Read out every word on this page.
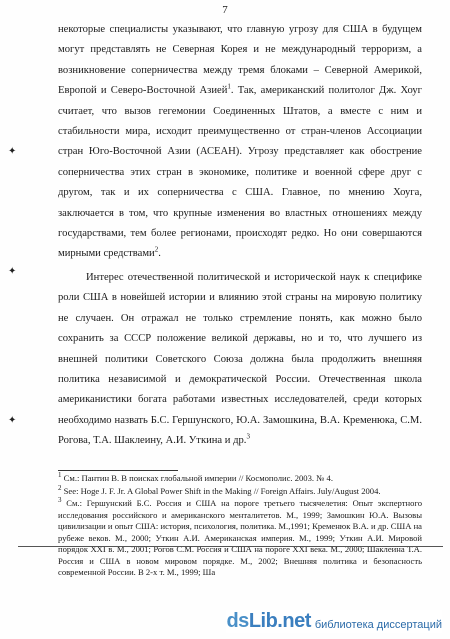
7
✦
✦
✦

некоторые специалисты указывают, что главную угрозу для США в будущем могут представлять не Северная Корея и не международный терроризм, а возникновение соперничества между тремя блоками – Северной Америкой, Европой и Северо-Восточной Азией$^1$. Так, американский политолог Дж. Хоуг считает, что вызов гегемонии Соединенных Штатов, а вместе с ним и стабильности мира, исходит преимущественно от стран-членов Ассоциации стран Юго-Восточной Азии (АСЕАН). Угрозу представляет как обострение соперничества этих стран в экономике, политике и военной сфере друг с другом, так и их соперничества с США. Главное, по мнению Хоуга, заключается в том, что крупные изменения во властных отношениях между государствами, тем более регионами, происходят редко. Но они совершаются мирными средствами$^2$.

Интерес отечественной политической и исторической наук к специфике роли США в новейшей истории и влиянию этой страны на мировую политику не случаен. Он отражал не только стремление понять, как можно было сохранить за СССР положение великой державы, но и то, что лучшего из внешней политики Советского Союза должна была продолжить внешняя политика независимой и демократической России. Отечественная школа американистики богата работами известных исследователей, среди которых необходимо назвать Б.С. Гершунского, Ю.А. Замошкина, В.А. Кременюка, С.М. Рогова, Т.А. Шаклеину, А.И. Уткина и др.$^3$

$^1$ См.: Пантин В. В поисках глобальной империи // Космополис. 2003. № 4.

$^2$ See: Hoge J. F. Jr. A Global Power Shift in the Making // Foreign Affairs. July/August 2004.

$^3$ См.: Гершунский Б.С. Россия и США на пороге третьего тысячелетия: Опыт экспертного исследования российского и американского менталитетов. М., 1999; Замошкин Ю.А. Вызовы цивилизации и опыт США: история, психология, политика. М.,1991; Кременюк В.А. и др. США на рубеже веков. М., 2000; Уткин А.И. Американская империя. М., 1999; Уткин А.И. Мировой порядок XXI в. М., 2001; Рогов С.М. Россия и США на пороге XXI века. М., 2000; Шаклеина Т.А. Россия и США в новом мировом порядке. М., 2002; Внешняя политика и безопасность современной России. В 2-х т. М., 1999; Ша

dsLib.net библиотека диссертаций
